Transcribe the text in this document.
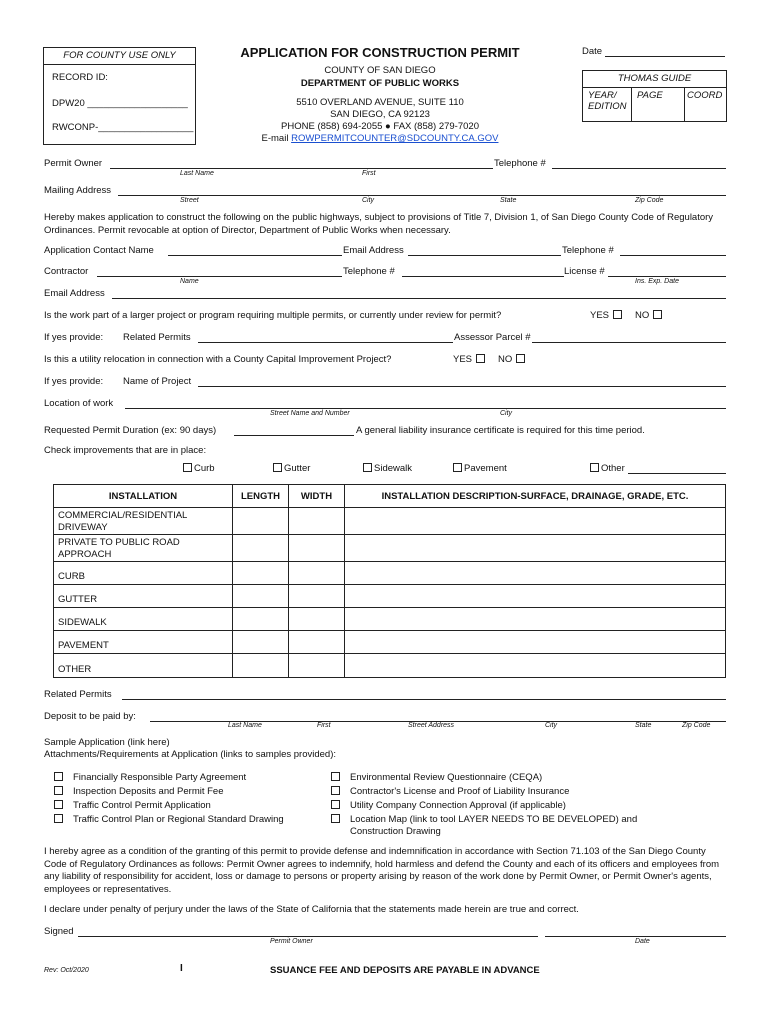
FOR COUNTY USE ONLY
RECORD ID:
DPW20 ___________________
RWCONP-__________________
APPLICATION FOR CONSTRUCTION PERMIT
COUNTY OF SAN DIEGO
DEPARTMENT OF PUBLIC WORKS
5510 OVERLAND AVENUE, SUITE 110
SAN DIEGO, CA 92123
PHONE (858) 694-2055 ● FAX (858) 279-7020
E-mail ROWPERMITCOUNTER@SDCOUNTY.CA.GOV
Date
THOMAS GUIDE
YEAR/ EDITION
PAGE	COORD
Permit Owner	Telephone #
Last Name	First
Mailing Address
Street	City	State	Zip Code
Hereby makes application to construct the following on the public highways, subject to provisions of Title 7, Division 1, of San Diego County Code of Regulatory Ordinances. Permit revocable at option of Director, Department of Public Works when necessary.
Application Contact Name	Email Address	Telephone #
Contractor	Telephone #	License #
Name	Ins. Exp. Date
Email Address
Is the work part of a larger project or program requiring multiple permits, or currently under review for permit?	YES	NO
If yes provide: Related Permits	Assessor Parcel #
Is this a utility relocation in connection with a County Capital Improvement Project?	YES	NO
If yes provide: Name of Project
Location of work
Street Name and Number	City
Requested Permit Duration (ex: 90 days)	A general liability insurance certificate is required for this time period.
Check improvements that are in place:
Curb	Gutter	Sidewalk	Pavement	Other
INSTALLATION	LENGTH	WIDTH	INSTALLATION DESCRIPTION-SURFACE, DRAINAGE, GRADE, ETC.
COMMERCIAL/RESIDENTIAL DRIVEWAY			
PRIVATE TO PUBLIC ROAD APPROACH			
CURB			
GUTTER			
SIDEWALK			
PAVEMENT			
OTHER			
Related Permits
Deposit to be paid by:
Last Name	First	Street Address	City	State	Zip Code
Sample Application (link here)
Attachments/Requirements at Application (links to samples provided):
Financially Responsible Party Agreement
Inspection Deposits and Permit Fee
Traffic Control Permit Application
Traffic Control Plan or Regional Standard Drawing
Environmental Review Questionnaire (CEQA)
Contractor's License and Proof of Liability Insurance
Utility Company Connection Approval (if applicable)
Location Map (link to tool LAYER NEEDS TO BE DEVELOPED) and Construction Drawing
I hereby agree as a condition of the granting of this permit to provide defense and indemnification in accordance with Section 71.103 of the San Diego County Code of Regulatory Ordinances as follows: Permit Owner agrees to indemnify, hold harmless and defend the County and each of its officers and employees from any liability of responsibility for accident, loss or damage to persons or property arising by reason of the work done by Permit Owner, or Permit Owner's agents, employees or representatives.
I declare under penalty of perjury under the laws of the State of California that the statements made herein are true and correct.
Signed
Permit Owner	Date
Rev: Oct/2020	I	SSUANCE FEE AND DEPOSITS ARE PAYABLE IN ADVANCE
